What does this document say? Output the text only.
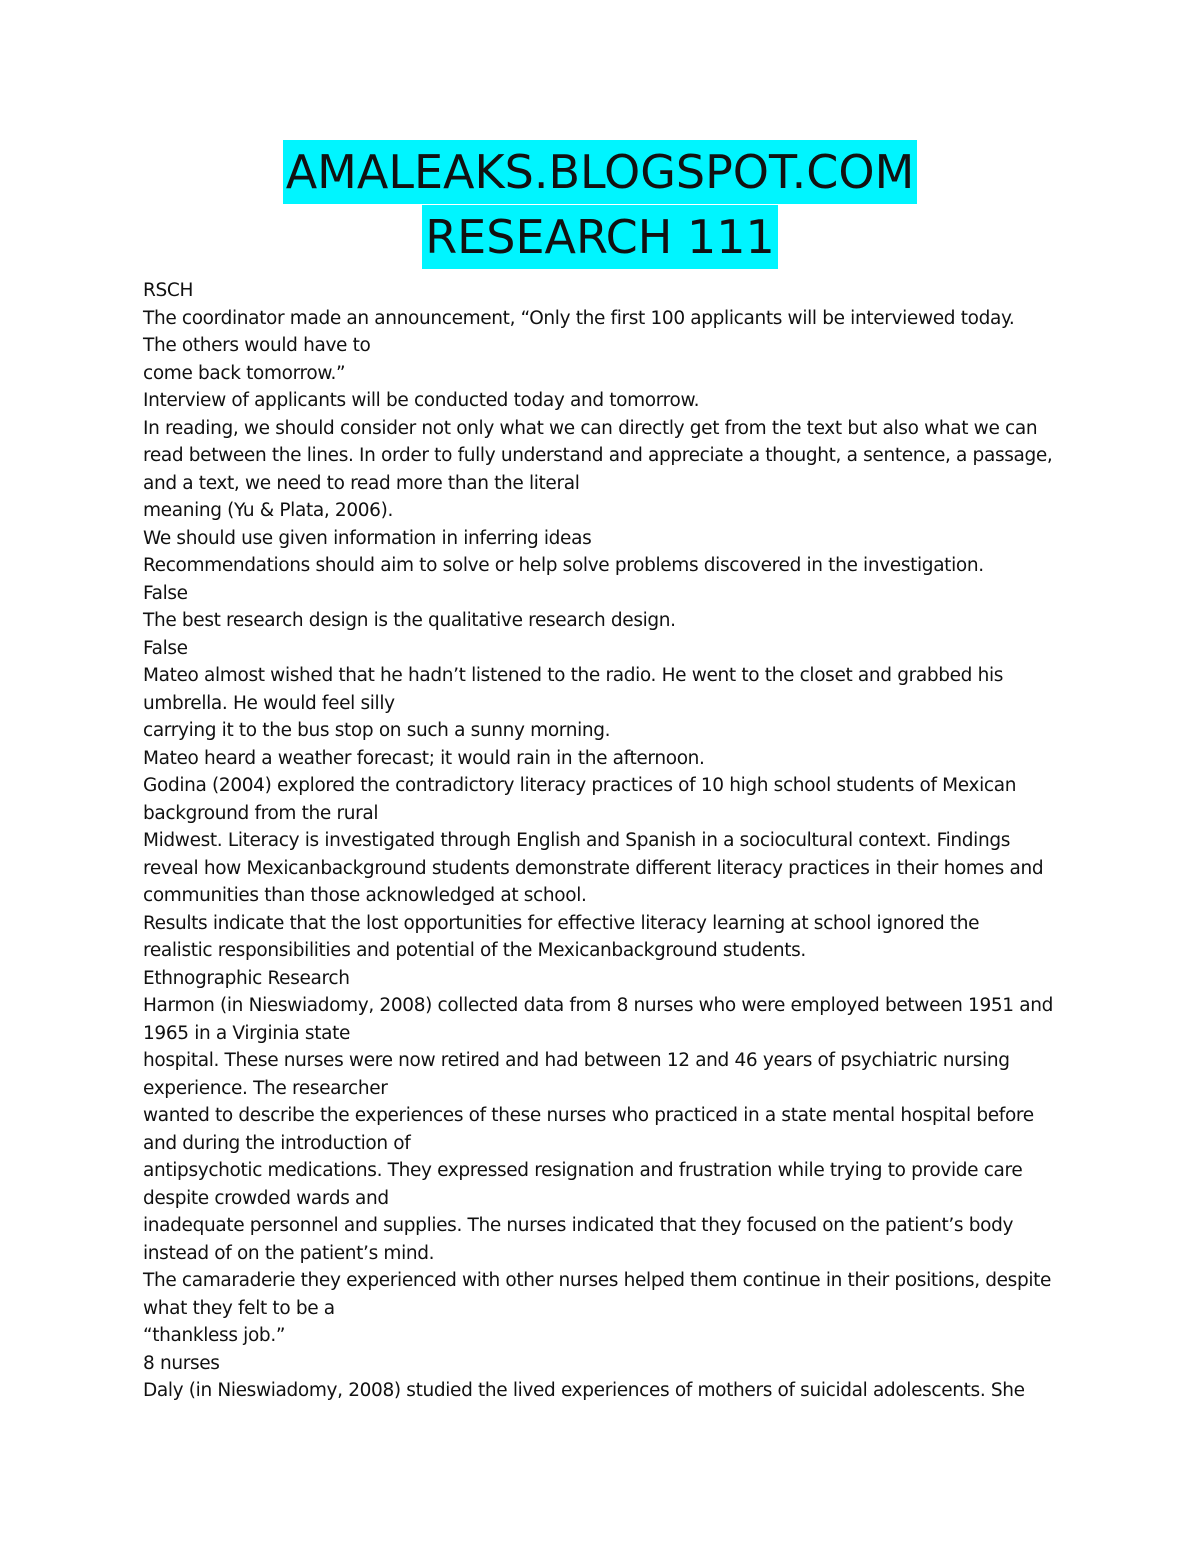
AMALEAKS.BLOGSPOT.COM
RESEARCH 111
RSCH
The coordinator made an announcement, “Only the first 100 applicants will be interviewed today.
The others would have to
come back tomorrow.”
Interview of applicants will be conducted today and tomorrow.
In reading, we should consider not only what we can directly get from the text but also what we can
read between the lines. In order to fully understand and appreciate a thought, a sentence, a passage,
and a text, we need to read more than the literal
meaning (Yu & Plata, 2006).
We should use given information in inferring ideas
Recommendations should aim to solve or help solve problems discovered in the investigation.
False
The best research design is the qualitative research design.
False
Mateo almost wished that he hadn’t listened to the radio. He went to the closet and grabbed his
umbrella. He would feel silly
carrying it to the bus stop on such a sunny morning.
Mateo heard a weather forecast; it would rain in the afternoon.
Godina (2004) explored the contradictory literacy practices of 10 high school students of Mexican
background from the rural
Midwest. Literacy is investigated through English and Spanish in a sociocultural context. Findings
reveal how Mexicanbackground students demonstrate different literacy practices in their homes and
communities than those acknowledged at school.
Results indicate that the lost opportunities for effective literacy learning at school ignored the
realistic responsibilities and potential of the Mexicanbackground students.
Ethnographic Research
Harmon (in Nieswiadomy, 2008) collected data from 8 nurses who were employed between 1951 and
1965 in a Virginia state
hospital. These nurses were now retired and had between 12 and 46 years of psychiatric nursing
experience. The researcher
wanted to describe the experiences of these nurses who practiced in a state mental hospital before
and during the introduction of
antipsychotic medications. They expressed resignation and frustration while trying to provide care
despite crowded wards and
inadequate personnel and supplies. The nurses indicated that they focused on the patient’s body
instead of on the patient’s mind.
The camaraderie they experienced with other nurses helped them continue in their positions, despite
what they felt to be a
“thankless job.”
8 nurses
Daly (in Nieswiadomy, 2008) studied the lived experiences of mothers of suicidal adolescents. She
